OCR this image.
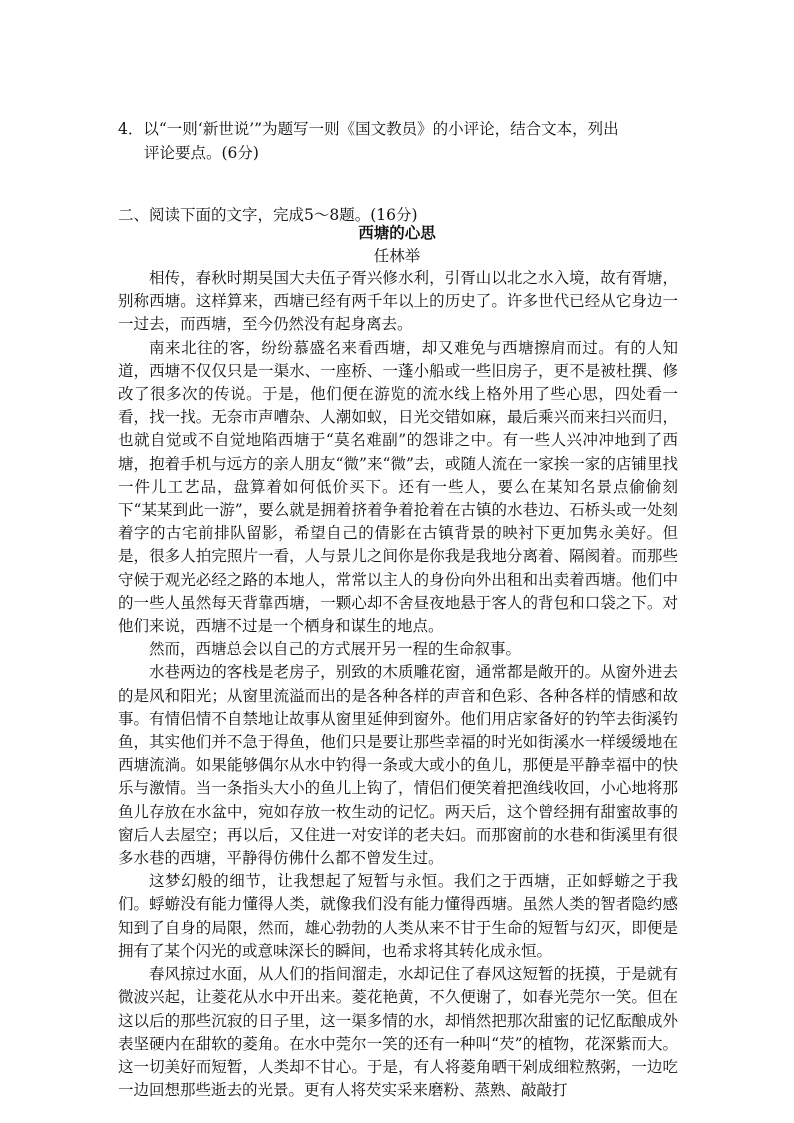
4．以“一则‘新世说’”为题写一则《国文教员》的小评论，结合文本，列出
评论要点。(6分)
二、阅读下面的文字，完成5～8题。(16分)
西塘的心思
任林举

相传，春秋时期吴国大夫伍子胥兴修水利，引胥山以北之水入境，故有胥塘，别称西塘。这样算来，西塘已经有两千年以上的历史了。许多世代已经从它身边一一过去，而西塘，至今仍然没有起身离去。

南来北往的客，纷纷慕盛名来看西塘，却又难免与西塘擦肩而过。有的人知道，西塘不仅仅只是一渠水、一座桥、一蓬小船或一些旧房子，更不是被杜撰、修改了很多次的传说。于是，他们便在游览的流水线上格外用了些心思，四处看一看，找一找。无奈市声嘈杂、人潮如蚁，日光交错如麻，最后乘兴而来扫兴而归，也就自觉或不自觉地陷西塘于“莫名难副”的怨诽之中。有一些人兴冲冲地到了西塘，抱着手机与远方的亲人朋友“微”来“微”去，或随人流在一家挨一家的店铺里找一件儿工艺品，盘算着如何低价买下。还有一些人，要么在某知名景点偷偷刻下“某某到此一游”，要么就是拥着挤着争着抢着在古镇的水巷边、石桥头或一处刻着字的古宅前排队留影，希望自己的倩影在古镇背景的映衬下更加隽永美好。但是，很多人拍完照片一看，人与景儿之间你是你我是我地分离着、隔阂着。而那些守候于观光必经之路的本地人，常常以主人的身份向外出租和出卖着西塘。他们中的一些人虽然每天背靠西塘，一颗心却不舍昼夜地悬于客人的背包和口袋之下。对他们来说，西塘不过是一个栖身和谋生的地点。

然而，西塘总会以自己的方式展开另一程的生命叙事。

水巷两边的客栈是老房子，别致的木质雕花窗，通常都是敞开的。从窗外进去的是风和阳光；从窗里流溢而出的是各种各样的声音和色彩、各种各样的情感和故事。有情侣情不自禁地让故事从窗里延伸到窗外。他们用店家备好的钓竿去街溪钓鱼，其实他们并不急于得鱼，他们只是要让那些幸福的时光如街溪水一样缓缓地在西塘流淌。如果能够偶尔从水中钓得一条或大或小的鱼儿，那便是平静幸福中的快乐与激情。当一条指头大小的鱼儿上钩了，情侣们便笑着把渔线收回，小心地将那鱼儿存放在水盆中，宛如存放一枚生动的记忆。两天后，这个曾经拥有甜蜜故事的窗后人去屋空；再以后，又住进一对安详的老夫妇。而那窗前的水巷和街溪里有很多水巷的西塘，平静得仿佛什么都不曾发生过。

这梦幻般的细节，让我想起了短暂与永恒。我们之于西塘，正如蜉蝣之于我们。蜉蝣没有能力懂得人类，就像我们没有能力懂得西塘。虽然人类的智者隐约感知到了自身的局限，然而，雄心勃勃的人类从来不甘于生命的短暂与幻灭，即便是拥有了某个闪光的或意味深长的瞬间，也希求将其转化成永恒。

春风掠过水面，从人们的指间溜走，水却记住了春风这短暂的抚摸，于是就有微波兴起，让菱花从水中开出来。菱花艳黄，不久便谢了，如春光莞尔一笑。但在这以后的那些沉寂的日子里，这一渠多情的水，却悄然把那次甜蜜的记忆酝酿成外表坚硬内在甜软的菱角。在水中莞尔一笑的还有一种叫“芡”的植物，花深紫而大。这一切美好而短暂，人类却不甘心。于是，有人将菱角晒干剁成细粒熬粥，一边吃一边回想那些逝去的光景。更有人将芡实采来磨粉、蒸熟、敲敲打
